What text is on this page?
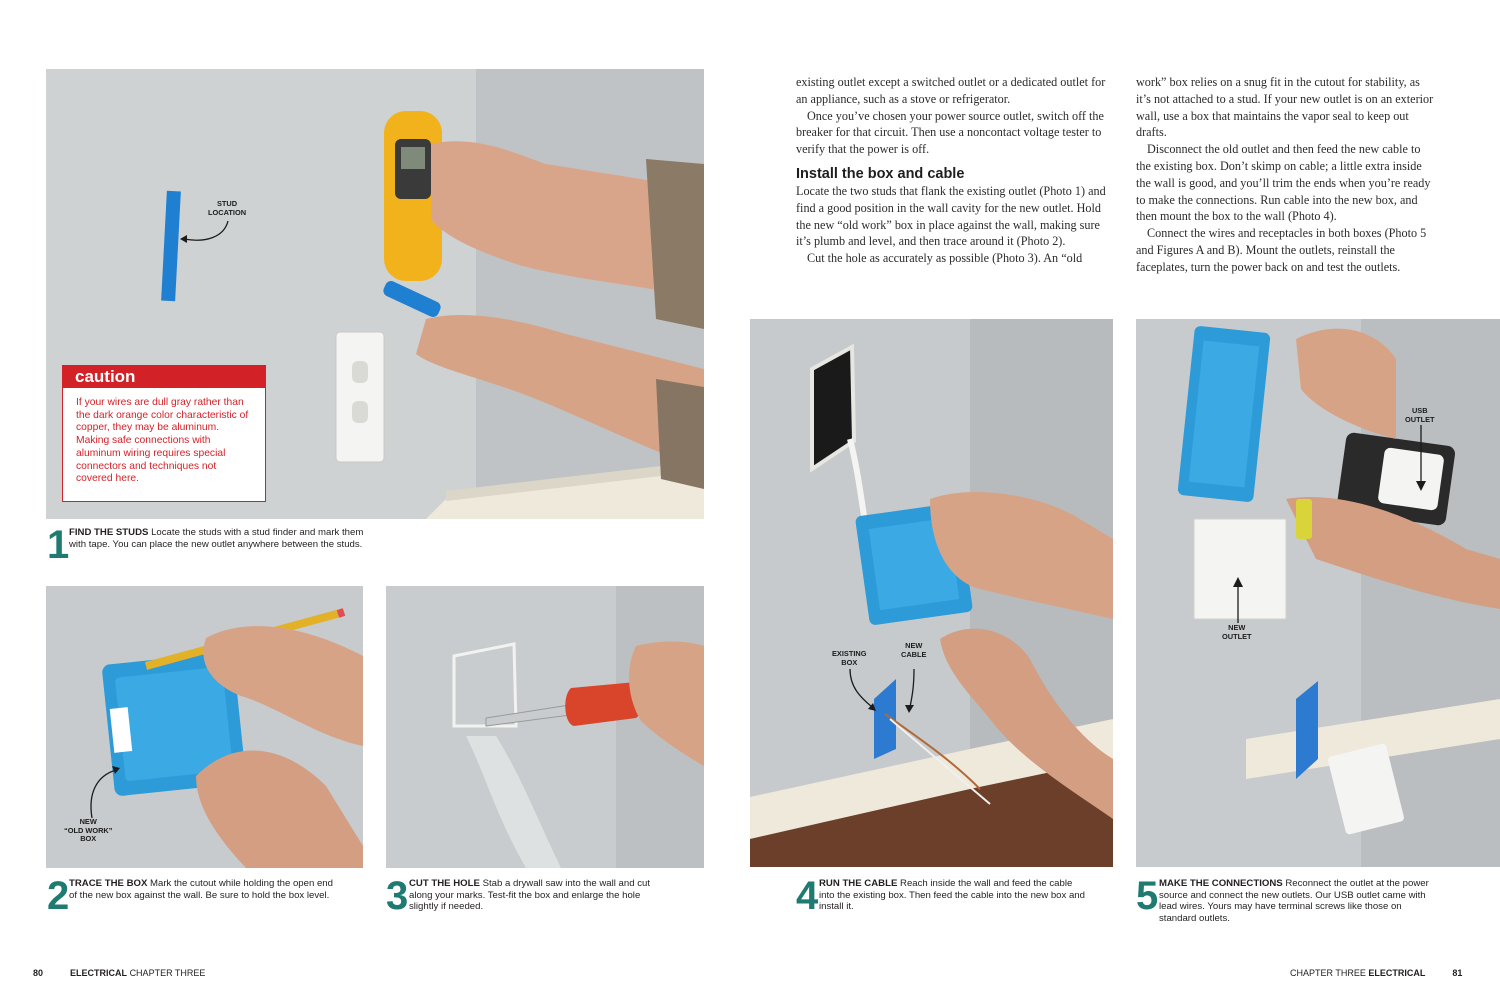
STUD
LOCATION
caution
If your wires are dull gray rather than the dark orange color characteristic of copper, they may be aluminum. Making safe connections with aluminum wiring requires special connectors and techniques not covered here.
1 FIND THE STUDS Locate the studs with a stud finder and mark them with tape. You can place the new outlet anywhere between the studs.
NEW
“OLD WORK”
BOX
2 TRACE THE BOX Mark the cutout while holding the open end of the new box against the wall. Be sure to hold the box level. 3 CUT THE HOLE Stab a drywall saw into the wall and cut along your marks. Test-fit the box and enlarge the hole slightly if needed.

existing outlet except a switched outlet or a dedicated outlet for an appliance, such as a stove or refrigerator.

Once you’ve chosen your power source outlet, switch off the breaker for that circuit. Then use a noncontact voltage tester to verify that the power is off.

Install the box and cable

Locate the two studs that flank the existing outlet (Photo 1) and find a good position in the wall cavity for the new outlet. Hold the new “old work” box in place against the wall, making sure it’s plumb and level, and then trace around it (Photo 2).

Cut the hole as accurately as possible (Photo 3). An “old

work” box relies on a snug fit in the cutout for stability, as it’s not attached to a stud. If your new outlet is on an exterior wall, use a box that maintains the vapor seal to keep out drafts.

Disconnect the old outlet and then feed the new cable to the existing box. Don’t skimp on cable; a little extra inside the wall is good, and you’ll trim the ends when you’re ready to make the connections. Run cable into the new box, and then mount the box to the wall (Photo 4).

Connect the wires and receptacles in both boxes (Photo 5 and Figures A and B). Mount the outlets, reinstall the faceplates, turn the power back on and test the outlets.

EXISTING
BOX
NEW
CABLE
4 RUN THE CABLE Reach inside the wall and feed the cable into the existing box. Then feed the cable into the new box and install it.
USB
OUTLET
NEW
OUTLET
5 MAKE THE CONNECTIONS Reconnect the outlet at the power source and connect the new outlets. Our USB outlet came with lead wires. Yours may have terminal screws like those on standard outlets.
80	ELECTRICAL CHAPTER THREE	CHAPTER THREE ELECTRICAL	81
